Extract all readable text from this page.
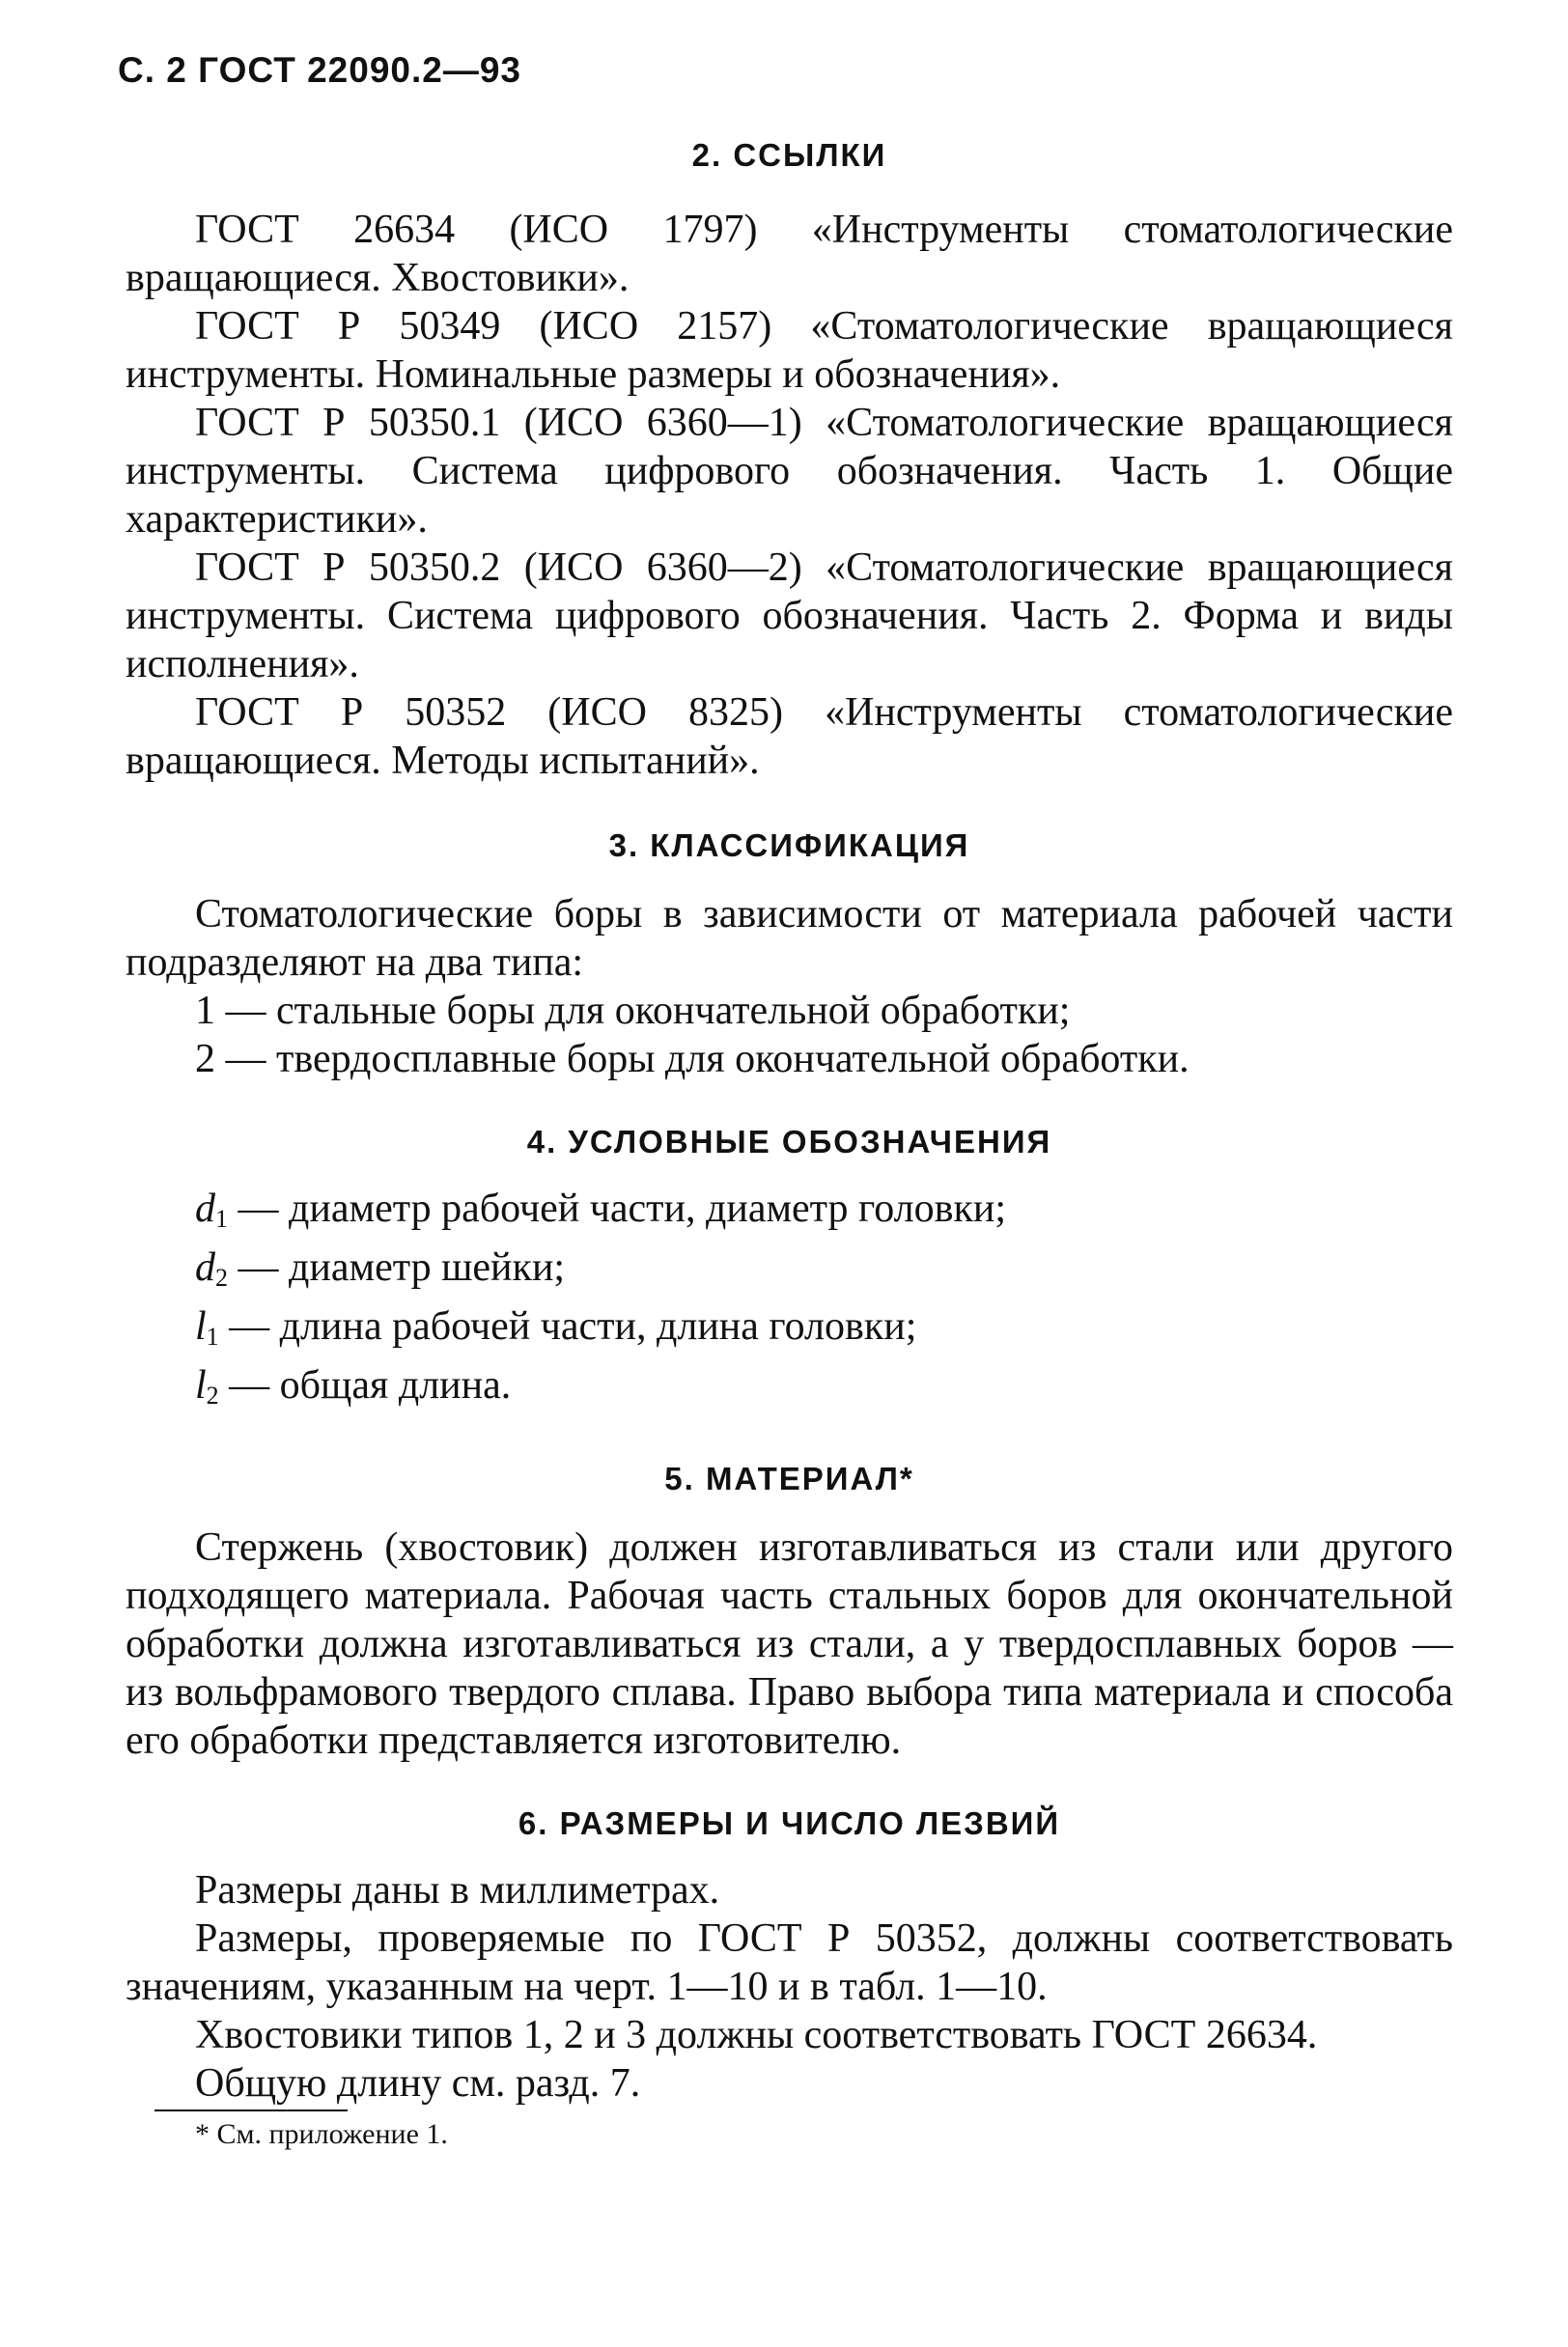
С. 2 ГОСТ 22090.2—93
2. ССЫЛКИ

ГОСТ 26634 (ИСО 1797) «Инструменты стоматологические вращающиеся. Хвостовики».

ГОСТ Р 50349 (ИСО 2157) «Стоматологические вращающиеся инструменты. Номинальные размеры и обозначения».

ГОСТ Р 50350.1 (ИСО 6360—1) «Стоматологические вращающиеся инструменты. Система цифрового обозначения. Часть 1. Общие характеристики».

ГОСТ Р 50350.2 (ИСО 6360—2) «Стоматологические вращающиеся инструменты. Система цифрового обозначения. Часть 2. Форма и виды исполнения».

ГОСТ Р 50352 (ИСО 8325) «Инструменты стоматологические вращающиеся. Методы испытаний».

3. КЛАССИФИКАЦИЯ

Стоматологические боры в зависимости от материала рабочей части подразделяют на два типа:

1 — стальные боры для окончательной обработки;

2 — твердосплавные боры для окончательной обработки.

4. УСЛОВНЫЕ ОБОЗНАЧЕНИЯ

$d_1$ — диаметр рабочей части, диаметр головки;

$d_2$ — диаметр шейки;

$l_1$ — длина рабочей части, длина головки;

$l_2$ — общая длина.

5. МАТЕРИАЛ*

Стержень (хвостовик) должен изготавливаться из стали или другого подходящего материала. Рабочая часть стальных боров для окончательной обработки должна изготавливаться из стали, а у твердосплавных боров — из вольфрамового твердого сплава. Право выбора типа материала и способа его обработки представляется изготовителю.

6. РАЗМЕРЫ И ЧИСЛО ЛЕЗВИЙ

Размеры даны в миллиметрах.

Размеры, проверяемые по ГОСТ Р 50352, должны соответствовать значениям, указанным на черт. 1—10 и в табл. 1—10.

Хвостовики типов 1, 2 и 3 должны соответствовать ГОСТ 26634.

Общую длину см. разд. 7.

* См. приложение 1.
